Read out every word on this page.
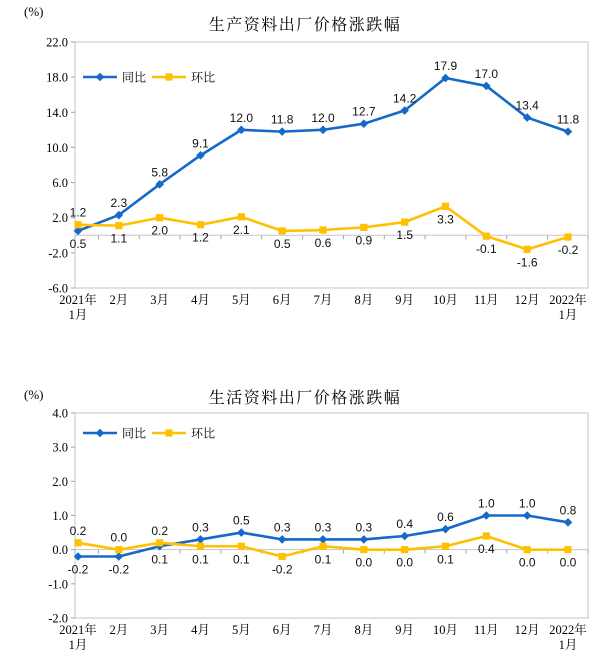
-6.0
-2.0
2.0
6.0
10.0
14.0
18.0
22.0
1.2
0.5
2.3
1.1
5.8
2.0
9.1
1.2
12.0
2.1
11.8
0.5
12.0
0.6
12.7
0.9
14.2
1.5
17.9
3.3
17.0
-0.1
13.4
-1.6
11.8
-0.2
同比	环比
2021年
1月
2月 3月 4月 5月 6月 7月 8月 9月 10月 11月 12月 2022年
1月
(%)
生产资料出厂价格涨跌幅
-2.0
-1.0
0.0
1.0
2.0
3.0
4.0
0.2
-0.2
0.0
-0.2
0.2
0.1
0.3
0.1
0.5
0.1
0.3
-0.2
0.3
0.1
0.3
0.0
0.4
0.0
0.6
0.1
1.0
0.4
1.0
0.0
0.8
0.0
同比	环比
2021年
1月
2月 3月 4月 5月 6月 7月 8月 9月 10月 11月 12月 2022年
1月
(%)	生活资料出厂价格涨跌幅
